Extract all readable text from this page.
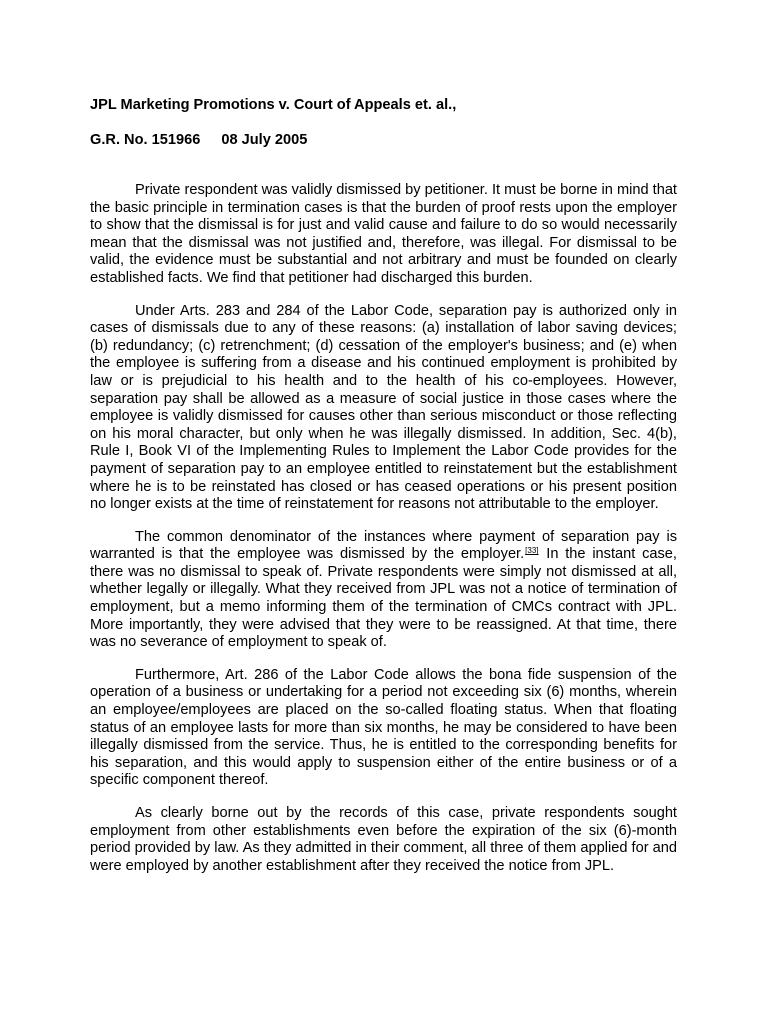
JPL Marketing Promotions v. Court of Appeals et. al.,
G.R. No. 151966 08 July 2005

Private respondent was validly dismissed by petitioner. It must be borne in mind that the basic principle in termination cases is that the burden of proof rests upon the employer to show that the dismissal is for just and valid cause and failure to do so would necessarily mean that the dismissal was not justified and, therefore, was illegal. For dismissal to be valid, the evidence must be substantial and not arbitrary and must be founded on clearly established facts. We find that petitioner had discharged this burden.

Under Arts. 283 and 284 of the Labor Code, separation pay is authorized only in cases of dismissals due to any of these reasons: (a) installation of labor saving devices; (b) redundancy; (c) retrenchment; (d) cessation of the employer's business; and (e) when the employee is suffering from a disease and his continued employment is prohibited by law or is prejudicial to his health and to the health of his co-employees. However, separation pay shall be allowed as a measure of social justice in those cases where the employee is validly dismissed for causes other than serious misconduct or those reflecting on his moral character, but only when he was illegally dismissed. In addition, Sec. 4(b), Rule I, Book VI of the Implementing Rules to Implement the Labor Code provides for the payment of separation pay to an employee entitled to reinstatement but the establishment where he is to be reinstated has closed or has ceased operations or his present position no longer exists at the time of reinstatement for reasons not attributable to the employer.

The common denominator of the instances where payment of separation pay is warranted is that the employee was dismissed by the employer.[33] In the instant case, there was no dismissal to speak of. Private respondents were simply not dismissed at all, whether legally or illegally. What they received from JPL was not a notice of termination of employment, but a memo informing them of the termination of CMCs contract with JPL. More importantly, they were advised that they were to be reassigned. At that time, there was no severance of employment to speak of.

Furthermore, Art. 286 of the Labor Code allows the bona fide suspension of the operation of a business or undertaking for a period not exceeding six (6) months, wherein an employee/employees are placed on the so-called floating status. When that floating status of an employee lasts for more than six months, he may be considered to have been illegally dismissed from the service. Thus, he is entitled to the corresponding benefits for his separation, and this would apply to suspension either of the entire business or of a specific component thereof.

As clearly borne out by the records of this case, private respondents sought employment from other establishments even before the expiration of the six (6)-month period provided by law. As they admitted in their comment, all three of them applied for and were employed by another establishment after they received the notice from JPL.
